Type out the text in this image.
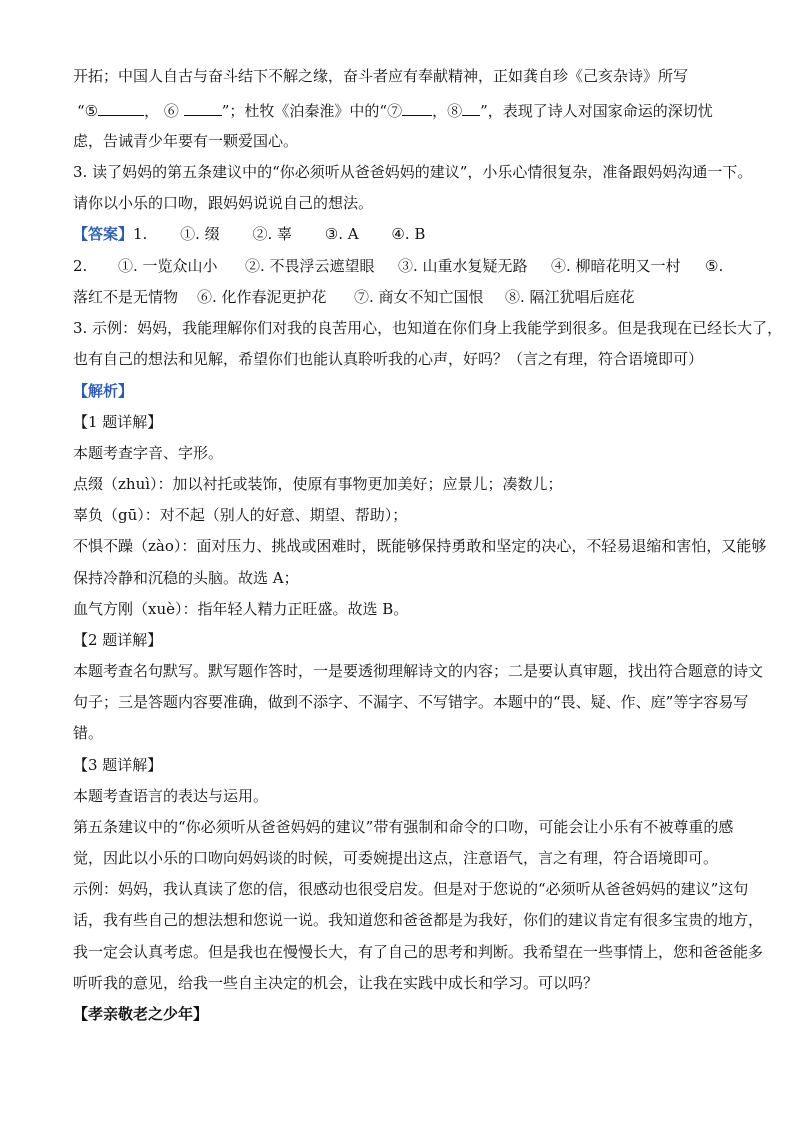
开拓；中国人自古与奋斗结下不解之缘，奋斗者应有奉献精神，正如龚自珍《己亥杂诗》所写
“⑤	， ⑥	”；杜牧《泊秦淮》中的“⑦ ，⑧ ”，表现了诗人对国家命运的深切忧
虑，告诫青少年要有一颗爱国心。
3. 读了妈妈的第五条建议中的“你必须听从爸爸妈妈的建议”，小乐心情很复杂，准备跟妈妈沟通一下。
请你以小乐的口吻，跟妈妈说说自己的想法。
【答案】1. ①. 缀 ②. 辜 ③. A ④. B
2. ①. 一览众山小 ②. 不畏浮云遮望眼 ③. 山重水复疑无路 ④. 柳暗花明又一村 ⑤.
落红不是无情物 ⑥. 化作春泥更护花 ⑦. 商女不知亡国恨 ⑧. 隔江犹唱后庭花
3. 示例：妈妈，我能理解你们对我的良苦用心，也知道在你们身上我能学到很多。但是我现在已经长大了，
也有自己的想法和见解，希望你们也能认真聆听我的心声，好吗？（言之有理，符合语境即可）
【解析】
【1 题详解】
本题考查字音、字形。
点缀（zhuì）：加以衬托或装饰，使原有事物更加美好；应景儿；凑数儿；
辜负（gū）：对不起（别人的好意、期望、帮助）；
不惧不躁（zào）：面对压力、挑战或困难时，既能够保持勇敢和坚定的决心，不轻易退缩和害怕，又能够
保持冷静和沉稳的头脑。故选 A；
血气方刚（xuè）：指年轻人精力正旺盛。故选 B。
【2 题详解】
本题考查名句默写。默写题作答时，一是要透彻理解诗文的内容；二是要认真审题，找出符合题意的诗文
句子；三是答题内容要准确，做到不添字、不漏字、不写错字。本题中的“畏、疑、作、庭”等字容易写
错。
【3 题详解】
本题考查语言的表达与运用。
第五条建议中的“你必须听从爸爸妈妈的建议”带有强制和命令的口吻，可能会让小乐有不被尊重的感
觉，因此以小乐的口吻向妈妈谈的时候，可委婉提出这点，注意语气，言之有理，符合语境即可。
示例：妈妈，我认真读了您的信，很感动也很受启发。但是对于您说的“必须听从爸爸妈妈的建议”这句
话，我有些自己的想法想和您说一说。我知道您和爸爸都是为我好，你们的建议肯定有很多宝贵的地方，
我一定会认真考虑。但是我也在慢慢长大，有了自己的思考和判断。我希望在一些事情上，您和爸爸能多
听听我的意见，给我一些自主决定的机会，让我在实践中成长和学习。可以吗？
【孝亲敬老之少年】
